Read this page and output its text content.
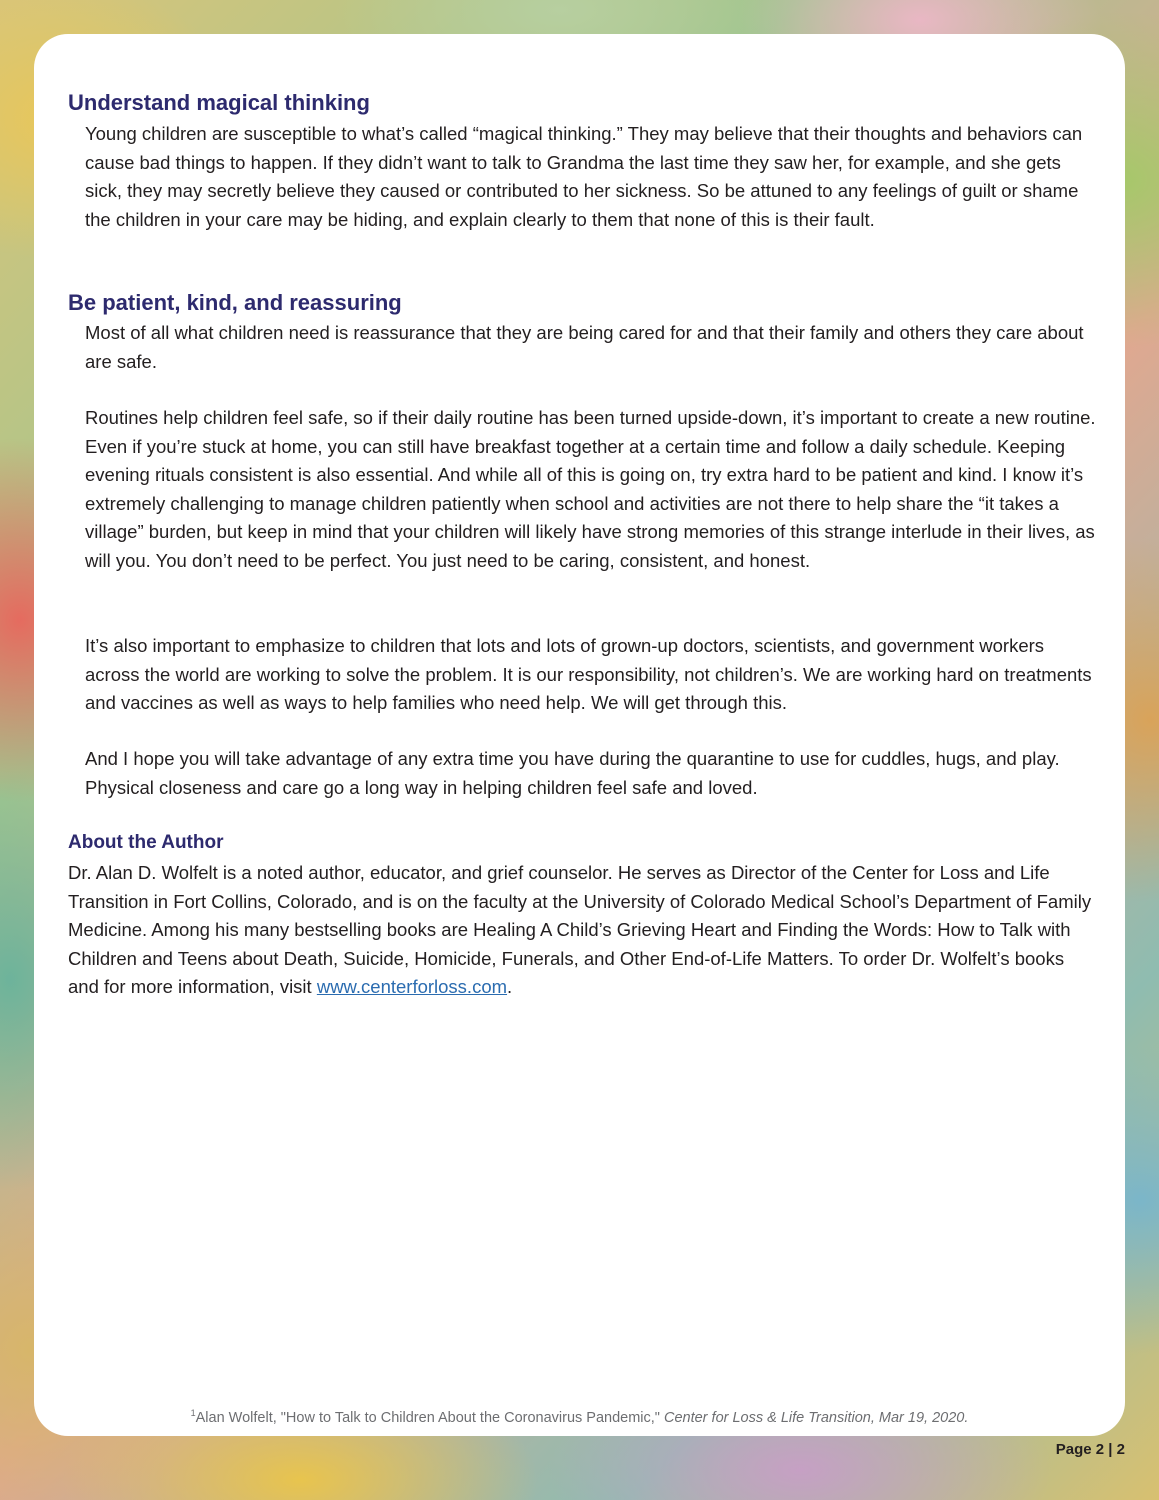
Understand magical thinking

Young children are susceptible to what’s called “magical thinking.” They may believe that their thoughts and behaviors can cause bad things to happen. If they didn’t want to talk to Grandma the last time they saw her, for example, and she gets sick, they may secretly believe they caused or contributed to her sickness. So be attuned to any feelings of guilt or shame the children in your care may be hiding, and explain clearly to them that none of this is their fault.

Be patient, kind, and reassuring

Most of all what children need is reassurance that they are being cared for and that their family and others they care about are safe.

Routines help children feel safe, so if their daily routine has been turned upside-down, it’s important to create a new routine. Even if you’re stuck at home, you can still have breakfast together at a certain time and follow a daily schedule. Keeping evening rituals consistent is also essential. And while all of this is going on, try extra hard to be patient and kind. I know it’s extremely challenging to manage children patiently when school and activities are not there to help share the “it takes a village” burden, but keep in mind that your children will likely have strong memories of this strange interlude in their lives, as will you. You don’t need to be perfect. You just need to be caring, consistent, and honest.

It’s also important to emphasize to children that lots and lots of grown-up doctors, scientists, and government workers across the world are working to solve the problem. It is our responsibility, not children’s. We are working hard on treatments and vaccines as well as ways to help families who need help. We will get through this.

And I hope you will take advantage of any extra time you have during the quarantine to use for cuddles, hugs, and play. Physical closeness and care go a long way in helping children feel safe and loved.

About the Author

Dr. Alan D. Wolfelt is a noted author, educator, and grief counselor. He serves as Director of the Center for Loss and Life Transition in Fort Collins, Colorado, and is on the faculty at the University of Colorado Medical School’s Department of Family Medicine. Among his many bestselling books are Healing A Child’s Grieving Heart and Finding the Words: How to Talk with Children and Teens about Death, Suicide, Homicide, Funerals, and Other End-of-Life Matters. To order Dr. Wolfelt’s books and for more information, visit www.centerforloss.com.

$^1$Alan Wolfelt, "How to Talk to Children About the Coronavirus Pandemic," Center for Loss & Life Transition, Mar 19, 2020.
Page 2 | 2
